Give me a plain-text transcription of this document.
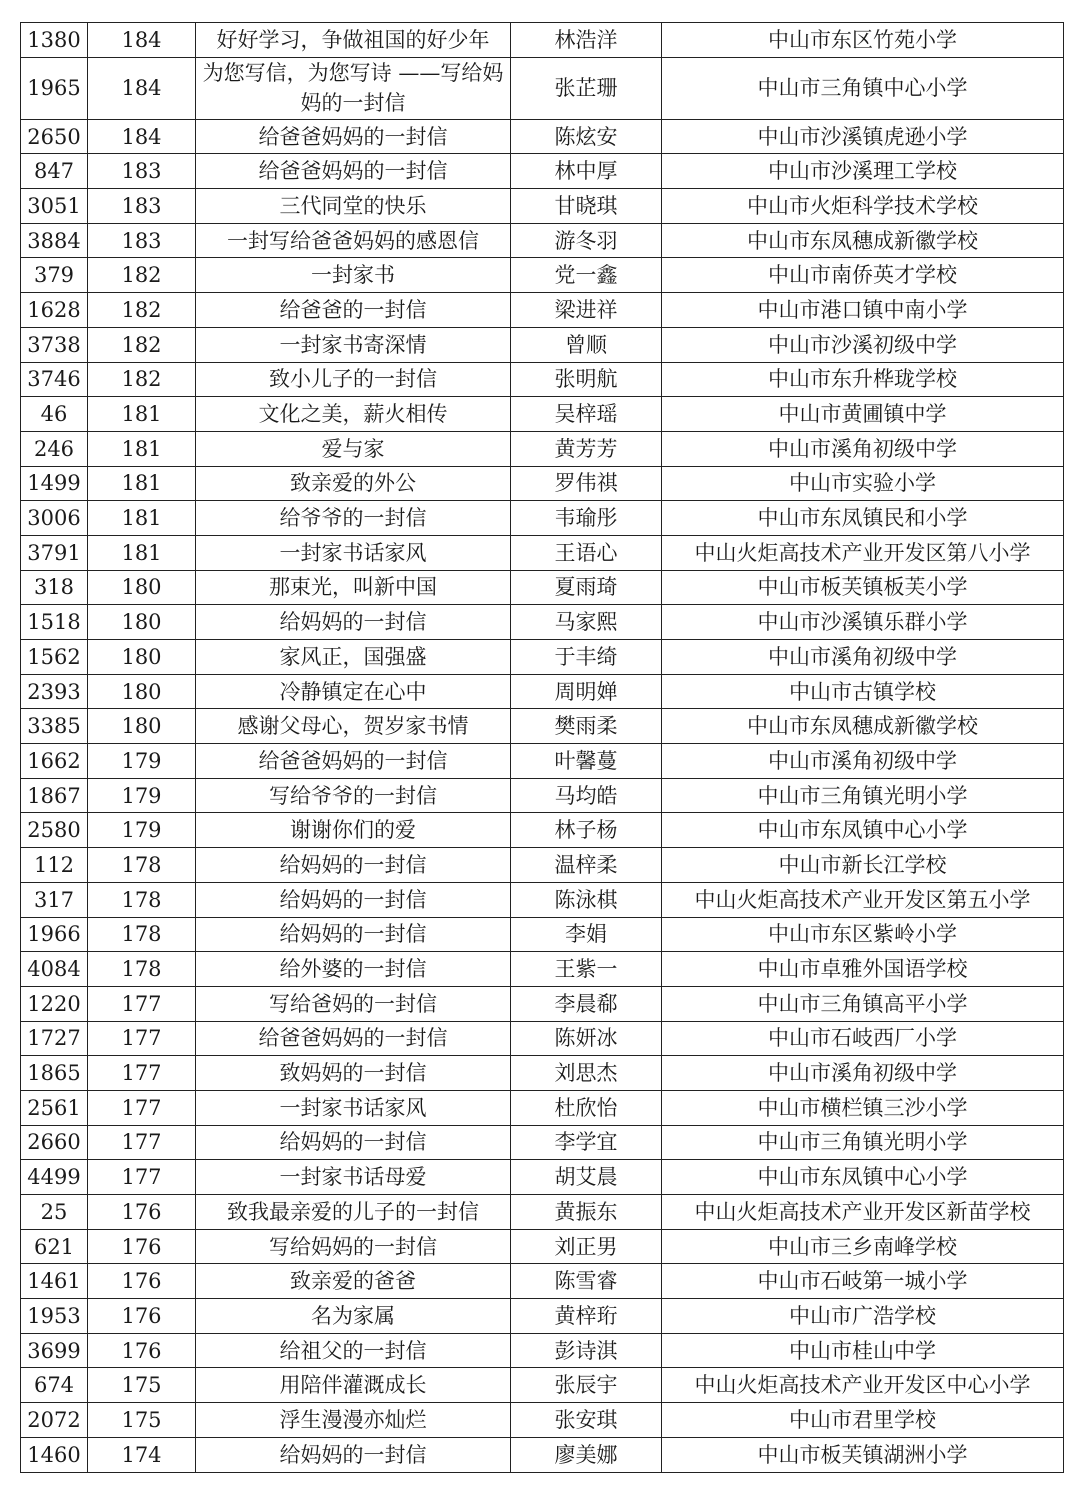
1380	184	好好学习，争做祖国的好少年	林浩洋	中山市东区竹苑小学
1965	184	为您写信，为您写诗 ——写给妈妈的一封信	张芷珊	中山市三角镇中心小学
2650	184	给爸爸妈妈的一封信	陈炫安	中山市沙溪镇虎逊小学
847	183	给爸爸妈妈的一封信	林中厚	中山市沙溪理工学校
3051	183	三代同堂的快乐	甘晓琪	中山市火炬科学技术学校
3884	183	一封写给爸爸妈妈的感恩信	游冬羽	中山市东凤穗成新徽学校
379	182	一封家书	党一鑫	中山市南侨英才学校
1628	182	给爸爸的一封信	梁进祥	中山市港口镇中南小学
3738	182	一封家书寄深情	曾顺	中山市沙溪初级中学
3746	182	致小儿子的一封信	张明航	中山市东升桦珑学校
46	181	文化之美，薪火相传	吴梓瑶	中山市黄圃镇中学
246	181	爱与家	黄芳芳	中山市溪角初级中学
1499	181	致亲爱的外公	罗伟祺	中山市实验小学
3006	181	给爷爷的一封信	韦瑜彤	中山市东凤镇民和小学
3791	181	一封家书话家风	王语心	中山火炬高技术产业开发区第八小学
318	180	那束光，叫新中国	夏雨琦	中山市板芙镇板芙小学
1518	180	给妈妈的一封信	马家熙	中山市沙溪镇乐群小学
1562	180	家风正，国强盛	于丰绮	中山市溪角初级中学
2393	180	冷静镇定在心中	周明婵	中山市古镇学校
3385	180	感谢父母心，贺岁家书情	樊雨柔	中山市东凤穗成新徽学校
1662	179	给爸爸妈妈的一封信	叶馨蔓	中山市溪角初级中学
1867	179	写给爷爷的一封信	马均皓	中山市三角镇光明小学
2580	179	谢谢你们的爱	林子杨	中山市东凤镇中心小学
112	178	给妈妈的一封信	温梓柔	中山市新长江学校
317	178	给妈妈的一封信	陈泳棋	中山火炬高技术产业开发区第五小学
1966	178	给妈妈的一封信	李娟	中山市东区紫岭小学
4084	178	给外婆的一封信	王紫一	中山市卓雅外国语学校
1220	177	写给爸妈的一封信	李晨郗	中山市三角镇高平小学
1727	177	给爸爸妈妈的一封信	陈妍冰	中山市石岐西厂小学
1865	177	致妈妈的一封信	刘思杰	中山市溪角初级中学
2561	177	一封家书话家风	杜欣怡	中山市横栏镇三沙小学
2660	177	给妈妈的一封信	李学宜	中山市三角镇光明小学
4499	177	一封家书话母爱	胡艾晨	中山市东凤镇中心小学
25	176	致我最亲爱的儿子的一封信	黄振东	中山火炬高技术产业开发区新苗学校
621	176	写给妈妈的一封信	刘正男	中山市三乡南峰学校
1461	176	致亲爱的爸爸	陈雪睿	中山市石岐第一城小学
1953	176	名为家属	黄梓珩	中山市广浩学校
3699	176	给祖父的一封信	彭诗淇	中山市桂山中学
674	175	用陪伴灌溉成长	张辰宇	中山火炬高技术产业开发区中心小学
2072	175	浮生漫漫亦灿烂	张安琪	中山市君里学校
1460	174	给妈妈的一封信	廖美娜	中山市板芙镇湖洲小学
